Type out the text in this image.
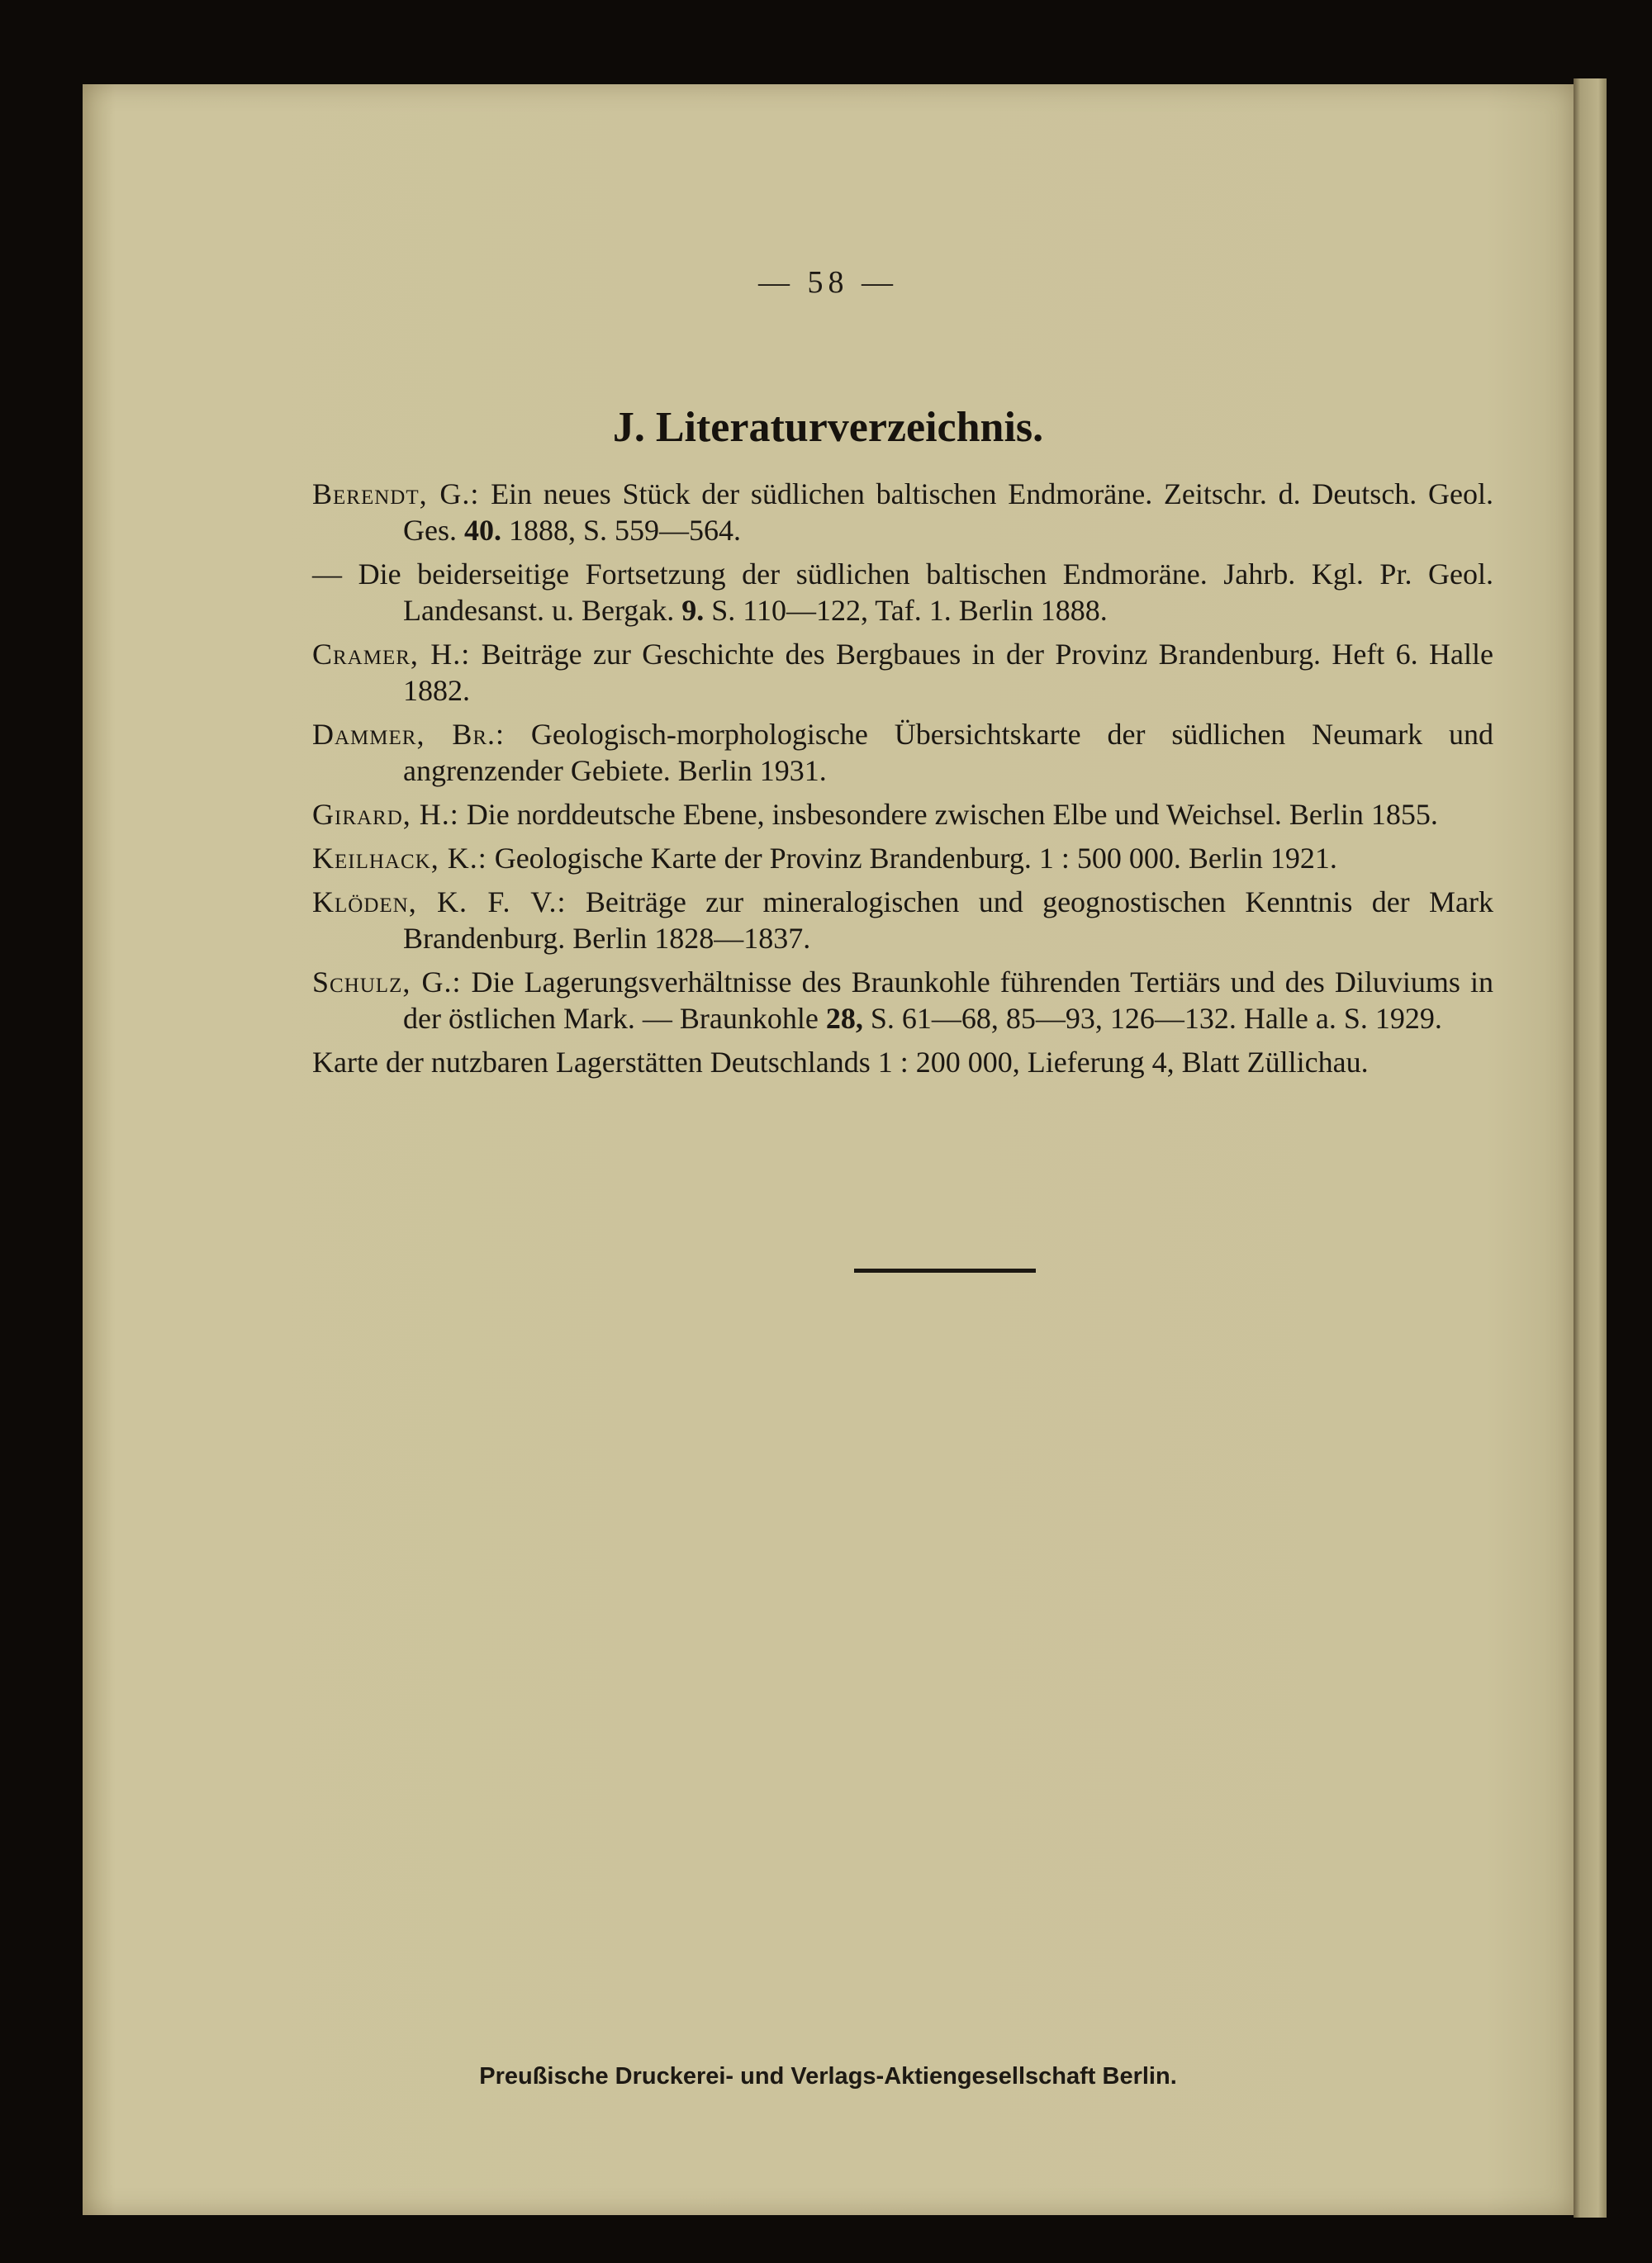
— 58 —
J. Literaturverzeichnis.

Berendt, G.: Ein neues Stück der südlichen baltischen Endmoräne. Zeitschr. d. Deutsch. Geol. Ges. 40. 1888, S. 559—564.

— Die beiderseitige Fortsetzung der südlichen baltischen Endmoräne. Jahrb. Kgl. Pr. Geol. Landesanst. u. Bergak. 9. S. 110—122, Taf. 1. Berlin 1888.

Cramer, H.: Beiträge zur Geschichte des Bergbaues in der Provinz Brandenburg. Heft 6. Halle 1882.

Dammer, Br.: Geologisch-morphologische Übersichtskarte der südlichen Neumark und angrenzender Gebiete. Berlin 1931.

Girard, H.: Die norddeutsche Ebene, insbesondere zwischen Elbe und Weichsel. Berlin 1855.

Keilhack, K.: Geologische Karte der Provinz Brandenburg. 1 : 500 000. Berlin 1921.

Klöden, K. F. V.: Beiträge zur mineralogischen und geognostischen Kenntnis der Mark Brandenburg. Berlin 1828—1837.

Schulz, G.: Die Lagerungsverhältnisse des Braunkohle führenden Tertiärs und des Diluviums in der östlichen Mark. — Braunkohle 28, S. 61—68, 85—93, 126—132. Halle a. S. 1929.

Karte der nutzbaren Lagerstätten Deutschlands 1 : 200 000, Lieferung 4, Blatt Züllichau.

Preußische Druckerei- und Verlags-Aktiengesellschaft Berlin.
